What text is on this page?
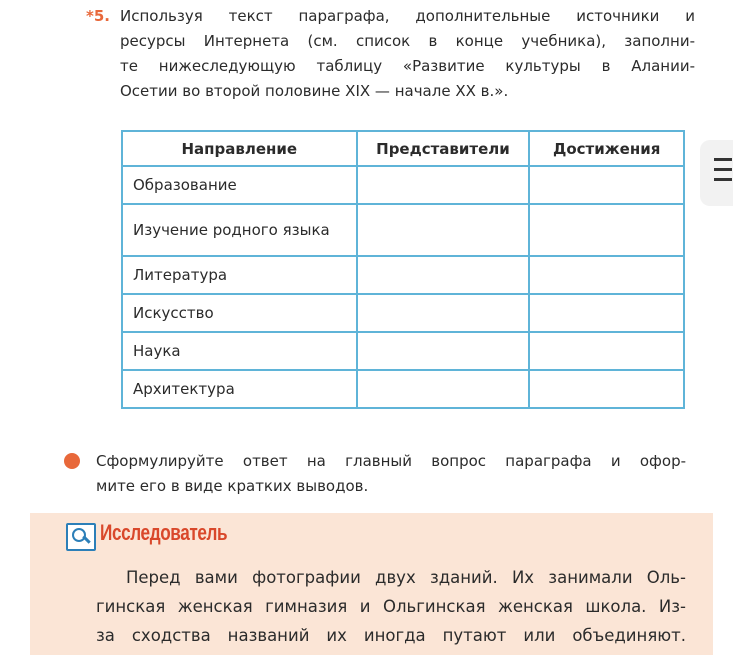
*5. Используя текст параграфа, дополнительные источники и
ресурсы Интернета (см. список в конце учебника), заполни-
те нижеследующую таблицу «Развитие культуры в Алании-
Осетии во второй половине XIX — начале XX в.».
Направление	Представители	Достижения
Образование		
Изучение родного языка		
Литература		
Искусство		
Наука		
Архитектура		
Сформулируйте ответ на главный вопрос параграфа и офор-
мите его в виде кратких выводов.
Исследователь
Перед вами фотографии двух зданий. Их занимали Оль-
гинская женская гимназия и Ольгинская женская школа. Из-
за сходства названий их иногда путают или объединяют.
